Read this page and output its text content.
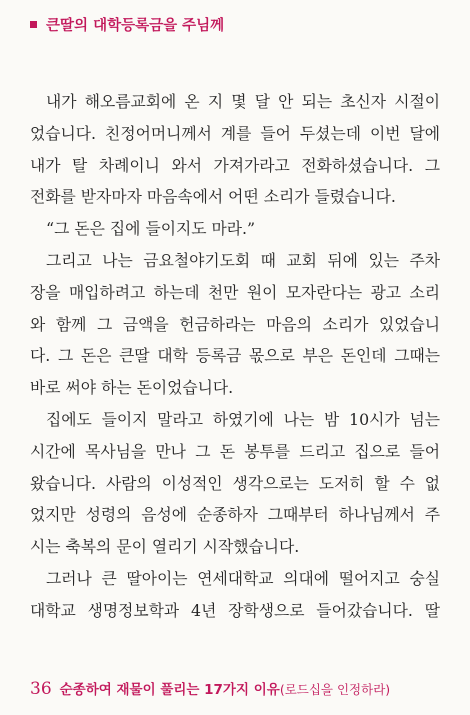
큰딸의 대학등록금을 주님께
내가 해오름교회에 온 지 몇 달 안 되는 초신자 시절이
었습니다. 친정어머니께서 계를 들어 두셨는데 이번 달에
내가 탈 차례이니 와서 가져가라고 전화하셨습니다. 그
전화를 받자마자 마음속에서 어떤 소리가 들렸습니다.
“그 돈은 집에 들이지도 마라.”
그리고 나는 금요철야기도회 때 교회 뒤에 있는 주차
장을 매입하려고 하는데 천만 원이 모자란다는 광고 소리
와 함께 그 금액을 헌금하라는 마음의 소리가 있었습니
다. 그 돈은 큰딸 대학 등록금 몫으로 부은 돈인데 그때는
바로 써야 하는 돈이었습니다.
집에도 들이지 말라고 하였기에 나는 밤 10시가 넘는
시간에 목사님을 만나 그 돈 봉투를 드리고 집으로 들어
왔습니다. 사람의 이성적인 생각으로는 도저히 할 수 없
었지만 성령의 음성에 순종하자 그때부터 하나님께서 주
시는 축복의 문이 열리기 시작했습니다.
그러나 큰 딸아이는 연세대학교 의대에 떨어지고 숭실
대학교 생명정보학과 4년 장학생으로 들어갔습니다. 딸
36 순종하여 재물이 풀리는 17가지 이유 (로드십을 인정하라)
